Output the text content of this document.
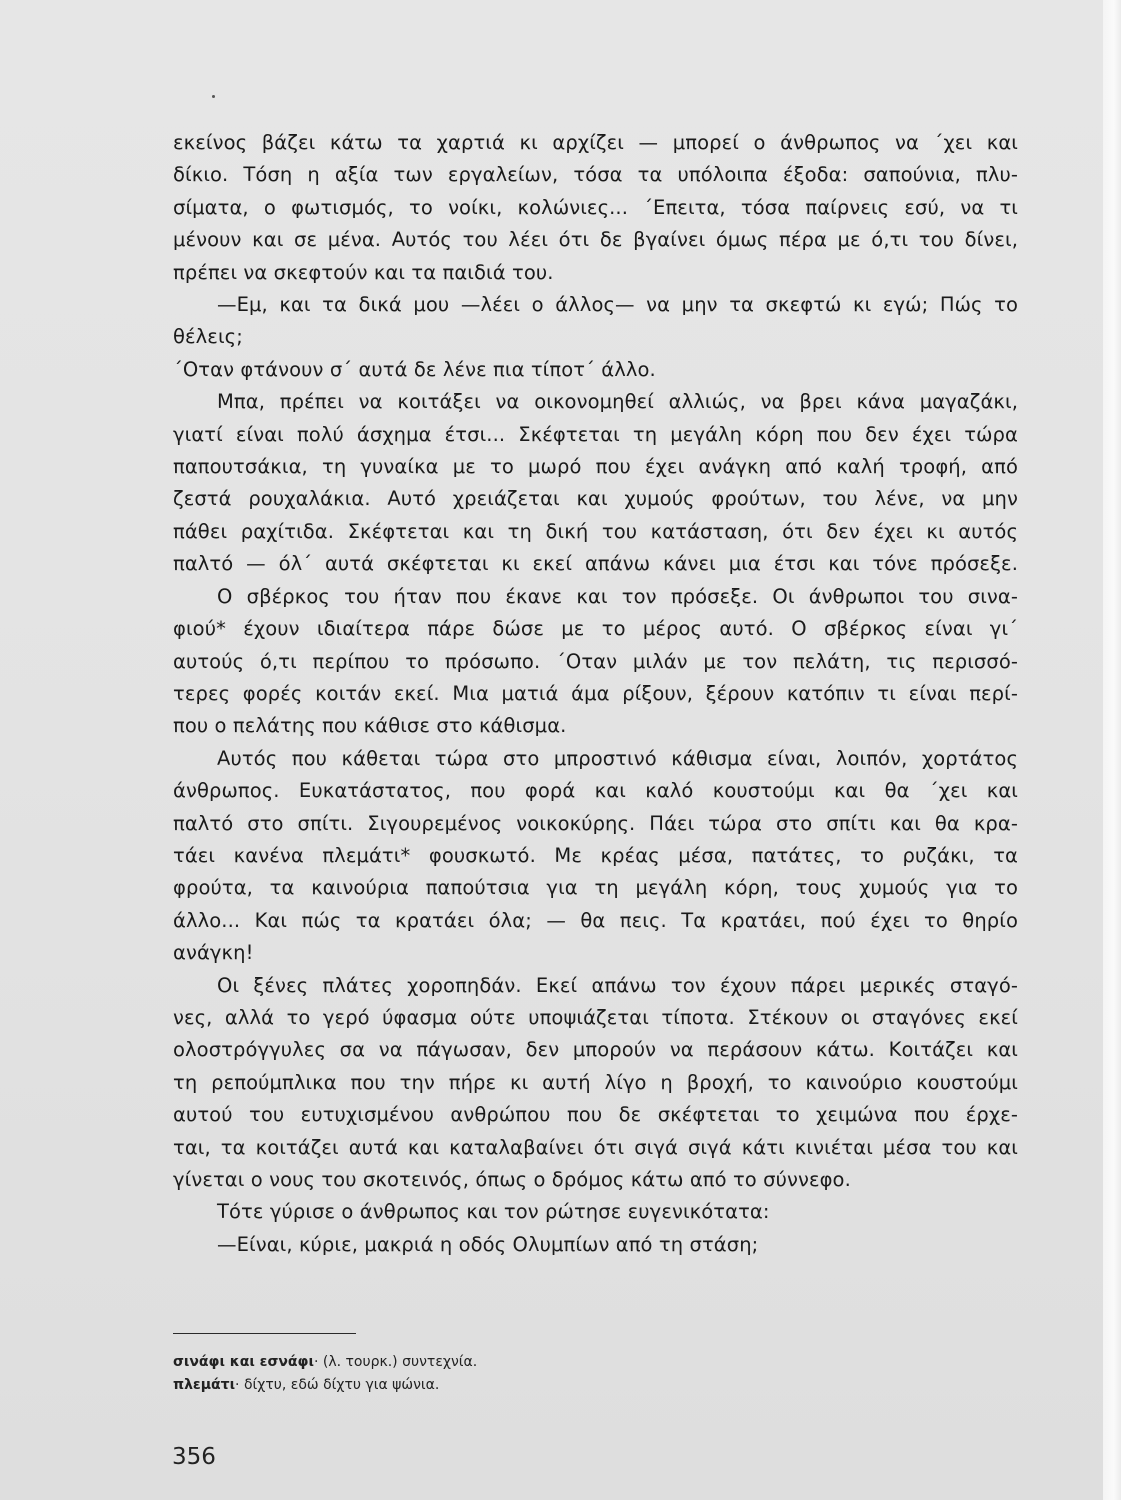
εκείνος βάζει κάτω τα χαρτιά κι αρχίζει — μπορεί ο άνθρωπος να ΄χει και

δίκιο. Τόση η αξία των εργαλείων, τόσα τα υπόλοιπα έξοδα: σαπούνια, πλυ-

σίματα, ο φωτισμός, το νοίκι, κολώνιες... ΄Επειτα, τόσα παίρνεις εσύ, να τι

μένουν και σε μένα. Αυτός του λέει ότι δε βγαίνει όμως πέρα με ό,τι του δίνει,

πρέπει να σκεφτούν και τα παιδιά του.

—Εμ, και τα δικά μου —λέει ο άλλος— να μην τα σκεφτώ κι εγώ; Πώς το

θέλεις;

΄Οταν φτάνουν σ΄ αυτά δε λένε πια τίποτ΄ άλλο.

Μπα, πρέπει να κοιτάξει να οικονομηθεί αλλιώς, να βρει κάνα μαγαζάκι,

γιατί είναι πολύ άσχημα έτσι... Σκέφτεται τη μεγάλη κόρη που δεν έχει τώρα

παπουτσάκια, τη γυναίκα με το μωρό που έχει ανάγκη από καλή τροφή, από

ζεστά ρουχαλάκια. Αυτό χρειάζεται και χυμούς φρούτων, του λένε, να μην

πάθει ραχίτιδα. Σκέφτεται και τη δική του κατάσταση, ότι δεν έχει κι αυτός

παλτό — όλ΄ αυτά σκέφτεται κι εκεί απάνω κάνει μια έτσι και τόνε πρόσεξε.

Ο σβέρκος του ήταν που έκανε και τον πρόσεξε. Οι άνθρωποι του σινα-

φιού* έχουν ιδιαίτερα πάρε δώσε με το μέρος αυτό. Ο σβέρκος είναι γι΄

αυτούς ό,τι περίπου το πρόσωπο. ΄Οταν μιλάν με τον πελάτη, τις περισσό-

τερες φορές κοιτάν εκεί. Μια ματιά άμα ρίξουν, ξέρουν κατόπιν τι είναι περί-

που ο πελάτης που κάθισε στο κάθισμα.

Αυτός που κάθεται τώρα στο μπροστινό κάθισμα είναι, λοιπόν, χορτάτος

άνθρωπος. Ευκατάστατος, που φορά και καλό κουστούμι και θα ΄χει και

παλτό στο σπίτι. Σιγουρεμένος νοικοκύρης. Πάει τώρα στο σπίτι και θα κρα-

τάει κανένα πλεμάτι* φουσκωτό. Με κρέας μέσα, πατάτες, το ρυζάκι, τα

φρούτα, τα καινούρια παπούτσια για τη μεγάλη κόρη, τους χυμούς για το

άλλο... Και πώς τα κρατάει όλα; — θα πεις. Τα κρατάει, πού έχει το θηρίο

ανάγκη!

Οι ξένες πλάτες χοροπηδάν. Εκεί απάνω τον έχουν πάρει μερικές σταγό-

νες, αλλά το γερό ύφασμα ούτε υποψιάζεται τίποτα. Στέκουν οι σταγόνες εκεί

ολοστρόγγυλες σα να πάγωσαν, δεν μπορούν να περάσουν κάτω. Κοιτάζει και

τη ρεπούμπλικα που την πήρε κι αυτή λίγο η βροχή, το καινούριο κουστούμι

αυτού του ευτυχισμένου ανθρώπου που δε σκέφτεται το χειμώνα που έρχε-

ται, τα κοιτάζει αυτά και καταλαβαίνει ότι σιγά σιγά κάτι κινιέται μέσα του και

γίνεται ο νους του σκοτεινός, όπως ο δρόμος κάτω από το σύννεφο.

Τότε γύρισε ο άνθρωπος και τον ρώτησε ευγενικότατα:

—Είναι, κύριε, μακριά η οδός Ολυμπίων από τη στάση;

σινάφι και εσνάφι· (λ. τουρκ.) συντεχνία.
πλεμάτι· δίχτυ, εδώ δίχτυ για ψώνια.
356
